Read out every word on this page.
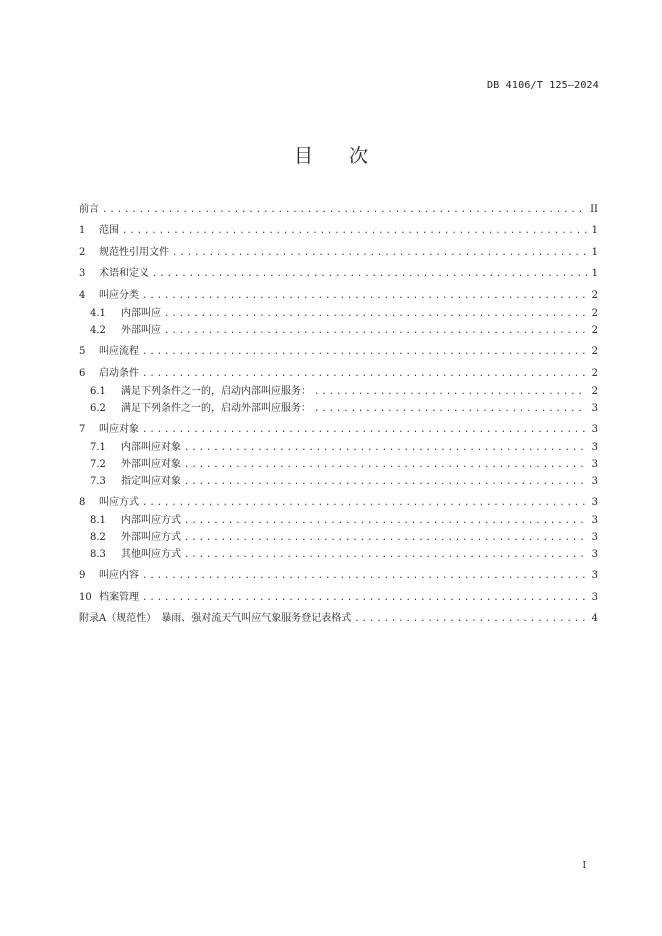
DB 4106/T 125—2024
目次
前言 .....	II
1	范围 .....	1
2	规范性引用文件 .....	1
3	术语和定义 .....	1
4	叫应分类 .....	2
4.1	内部叫应 .....	2
4.2	外部叫应 .....	2
5	叫应流程 .....	2
6	启动条件 .....	2
6.1	满足下列条件之一的，启动内部叫应服务： .....	2
6.2	满足下列条件之一的，启动外部叫应服务： .....	3
7	叫应对象 .....	3
7.1	内部叫应对象 .....	3
7.2	外部叫应对象 .....	3
7.3	指定叫应对象 .....	3
8	叫应方式 .....	3
8.1	内部叫应方式 .....	3
8.2	外部叫应方式 .....	3
8.3	其他叫应方式 .....	3
9	叫应内容 .....	3
10 档案管理 .....	3
附录A（规范性）　暴雨、强对流天气叫应气象服务登记表格式 .....	4
I
